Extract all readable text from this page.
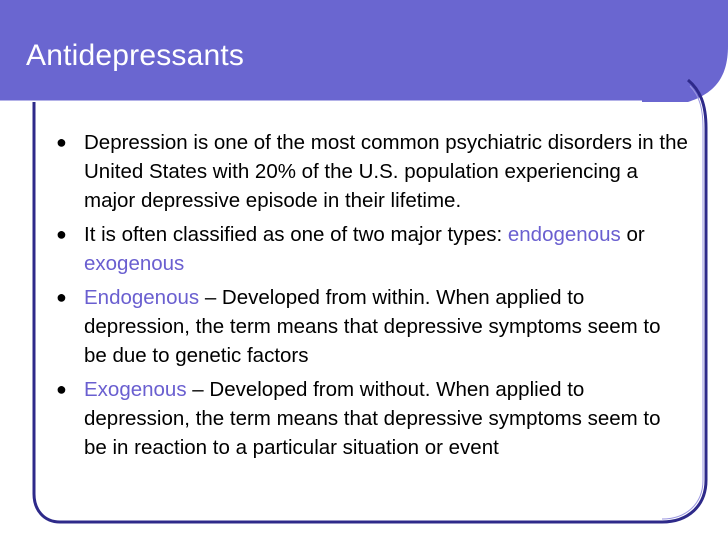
Antidepressants
● Depression is one of the most common psychiatric disorders in the United States with 20% of the U.S. population experiencing a major depressive episode in their lifetime.
● It is often classified as one of two major types: endogenous or exogenous
● Endogenous – Developed from within. When applied to depression, the term means that depressive symptoms seem to be due to genetic factors
● Exogenous – Developed from without. When applied to depression, the term means that depressive symptoms seem to be in reaction to a particular situation or event
